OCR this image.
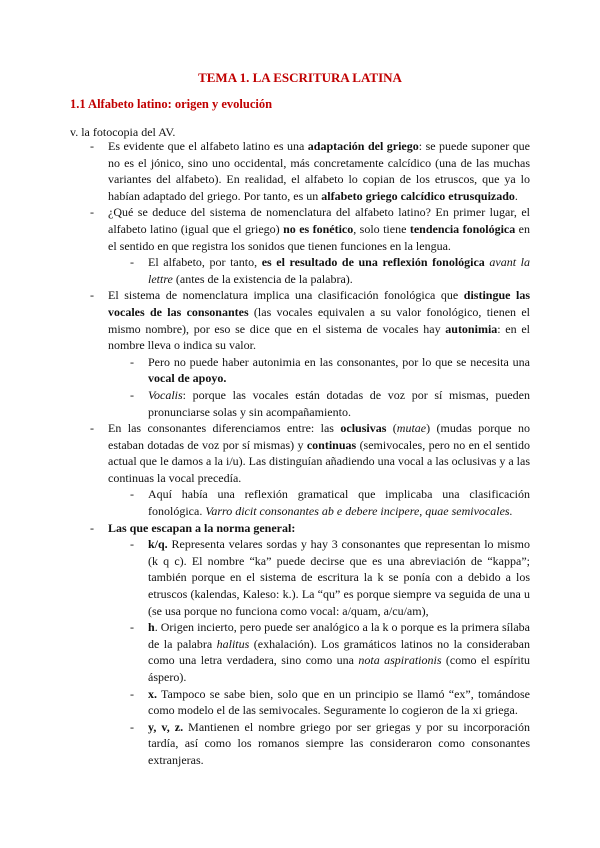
TEMA 1. LA ESCRITURA LATINA
1.1 Alfabeto latino: origen y evolución
v. la fotocopia del AV.
- Es evidente que el alfabeto latino es una adaptación del griego: se puede suponer que no es el jónico, sino uno occidental, más concretamente calcídico (una de las muchas variantes del alfabeto). En realidad, el alfabeto lo copian de los etruscos, que ya lo habían adaptado del griego. Por tanto, es un alfabeto griego calcídico etrusquizado.
- ¿Qué se deduce del sistema de nomenclatura del alfabeto latino? En primer lugar, el alfabeto latino (igual que el griego) no es fonético, solo tiene tendencia fonológica en el sentido en que registra los sonidos que tienen funciones en la lengua.
- El alfabeto, por tanto, es el resultado de una reflexión fonológica avant la lettre (antes de la existencia de la palabra).
- El sistema de nomenclatura implica una clasificación fonológica que distingue las vocales de las consonantes (las vocales equivalen a su valor fonológico, tienen el mismo nombre), por eso se dice que en el sistema de vocales hay autonimia: en el nombre lleva o indica su valor.
- Pero no puede haber autonimia en las consonantes, por lo que se necesita una vocal de apoyo.
- Vocalis: porque las vocales están dotadas de voz por sí mismas, pueden pronunciarse solas y sin acompañamiento.
- En las consonantes diferenciamos entre: las oclusivas (mutae) (mudas porque no estaban dotadas de voz por sí mismas) y continuas (semivocales, pero no en el sentido actual que le damos a la i/u). Las distinguían añadiendo una vocal a las oclusivas y a las continuas la vocal precedía.
- Aquí había una reflexión gramatical que implicaba una clasificación fonológica. Varro dicit consonantes ab e debere incipere, quae semivocales.
- Las que escapan a la norma general:
- k/q. Representa velares sordas y hay 3 consonantes que representan lo mismo (k q c). El nombre “ka” puede decirse que es una abreviación de “kappa”; también porque en el sistema de escritura la k se ponía con a debido a los etruscos (kalendas, Kaleso: k.). La “qu” es porque siempre va seguida de una u (se usa porque no funciona como vocal: a/quam, a/cu/am),
- h. Origen incierto, pero puede ser analógico a la k o porque es la primera sílaba de la palabra halitus (exhalación). Los gramáticos latinos no la consideraban como una letra verdadera, sino como una nota aspirationis (como el espíritu áspero).
- x. Tampoco se sabe bien, solo que en un principio se llamó “ex”, tomándose como modelo el de las semivocales. Seguramente lo cogieron de la xi griega.
- y, v, z. Mantienen el nombre griego por ser griegas y por su incorporación tardía, así como los romanos siempre las consideraron como consonantes extranjeras.
